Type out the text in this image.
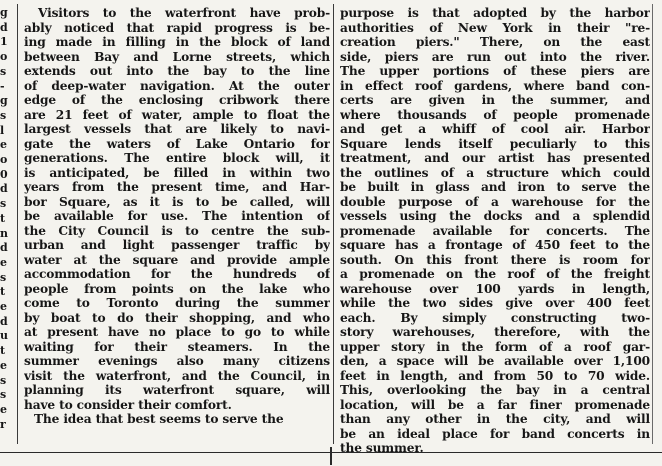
g
d
1
o
s
-
g
s
l
e
o
0
d
s
t
n
d
e
s
t
e
d
u
t
e
s
s
e
r
Visitors to the waterfront have prob-
ably noticed that rapid progress is be-
ing made in filling in the block of land
between Bay and Lorne streets, which
extends out into the bay to the line
of deep-water navigation. At the outer
edge of the enclosing cribwork there
are 21 feet of water, ample to float the
largest vessels that are likely to navi-
gate the waters of Lake Ontario for
generations. The entire block will, it
is anticipated, be filled in within two
years from the present time, and Har-
bor Square, as it is to be called, will
be available for use. The intention of
the City Council is to centre the sub-
urban and light passenger traffic by
water at the square and provide ample
accommodation for the hundreds of
people from points on the lake who
come to Toronto during the summer
by boat to do their shopping, and who
at present have no place to go to while
waiting for their steamers. In the
summer evenings also many citizens
visit the waterfront, and the Council, in
planning its waterfront square, will
have to consider their comfort.
The idea that best seems to serve the
purpose is that adopted by the harbor
authorities of New York in their "re-
creation piers." There, on the east
side, piers are run out into the river.
The upper portions of these piers are
in effect roof gardens, where band con-
certs are given in the summer, and
where thousands of people promenade
and get a whiff of cool air. Harbor
Square lends itself peculiarly to this
treatment, and our artist has presented
the outlines of a structure which could
be built in glass and iron to serve the
double purpose of a warehouse for the
vessels using the docks and a splendid
promenade available for concerts. The
square has a frontage of 450 feet to the
south. On this front there is room for
a promenade on the roof of the freight
warehouse over 100 yards in length,
while the two sides give over 400 feet
each. By simply constructing two-
story warehouses, therefore, with the
upper story in the form of a roof gar-
den, a space will be available over 1,100
feet in length, and from 50 to 70 wide.
This, overlooking the bay in a central
location, will be a far finer promenade
than any other in the city, and will
be an ideal place for band concerts in
the summer.
